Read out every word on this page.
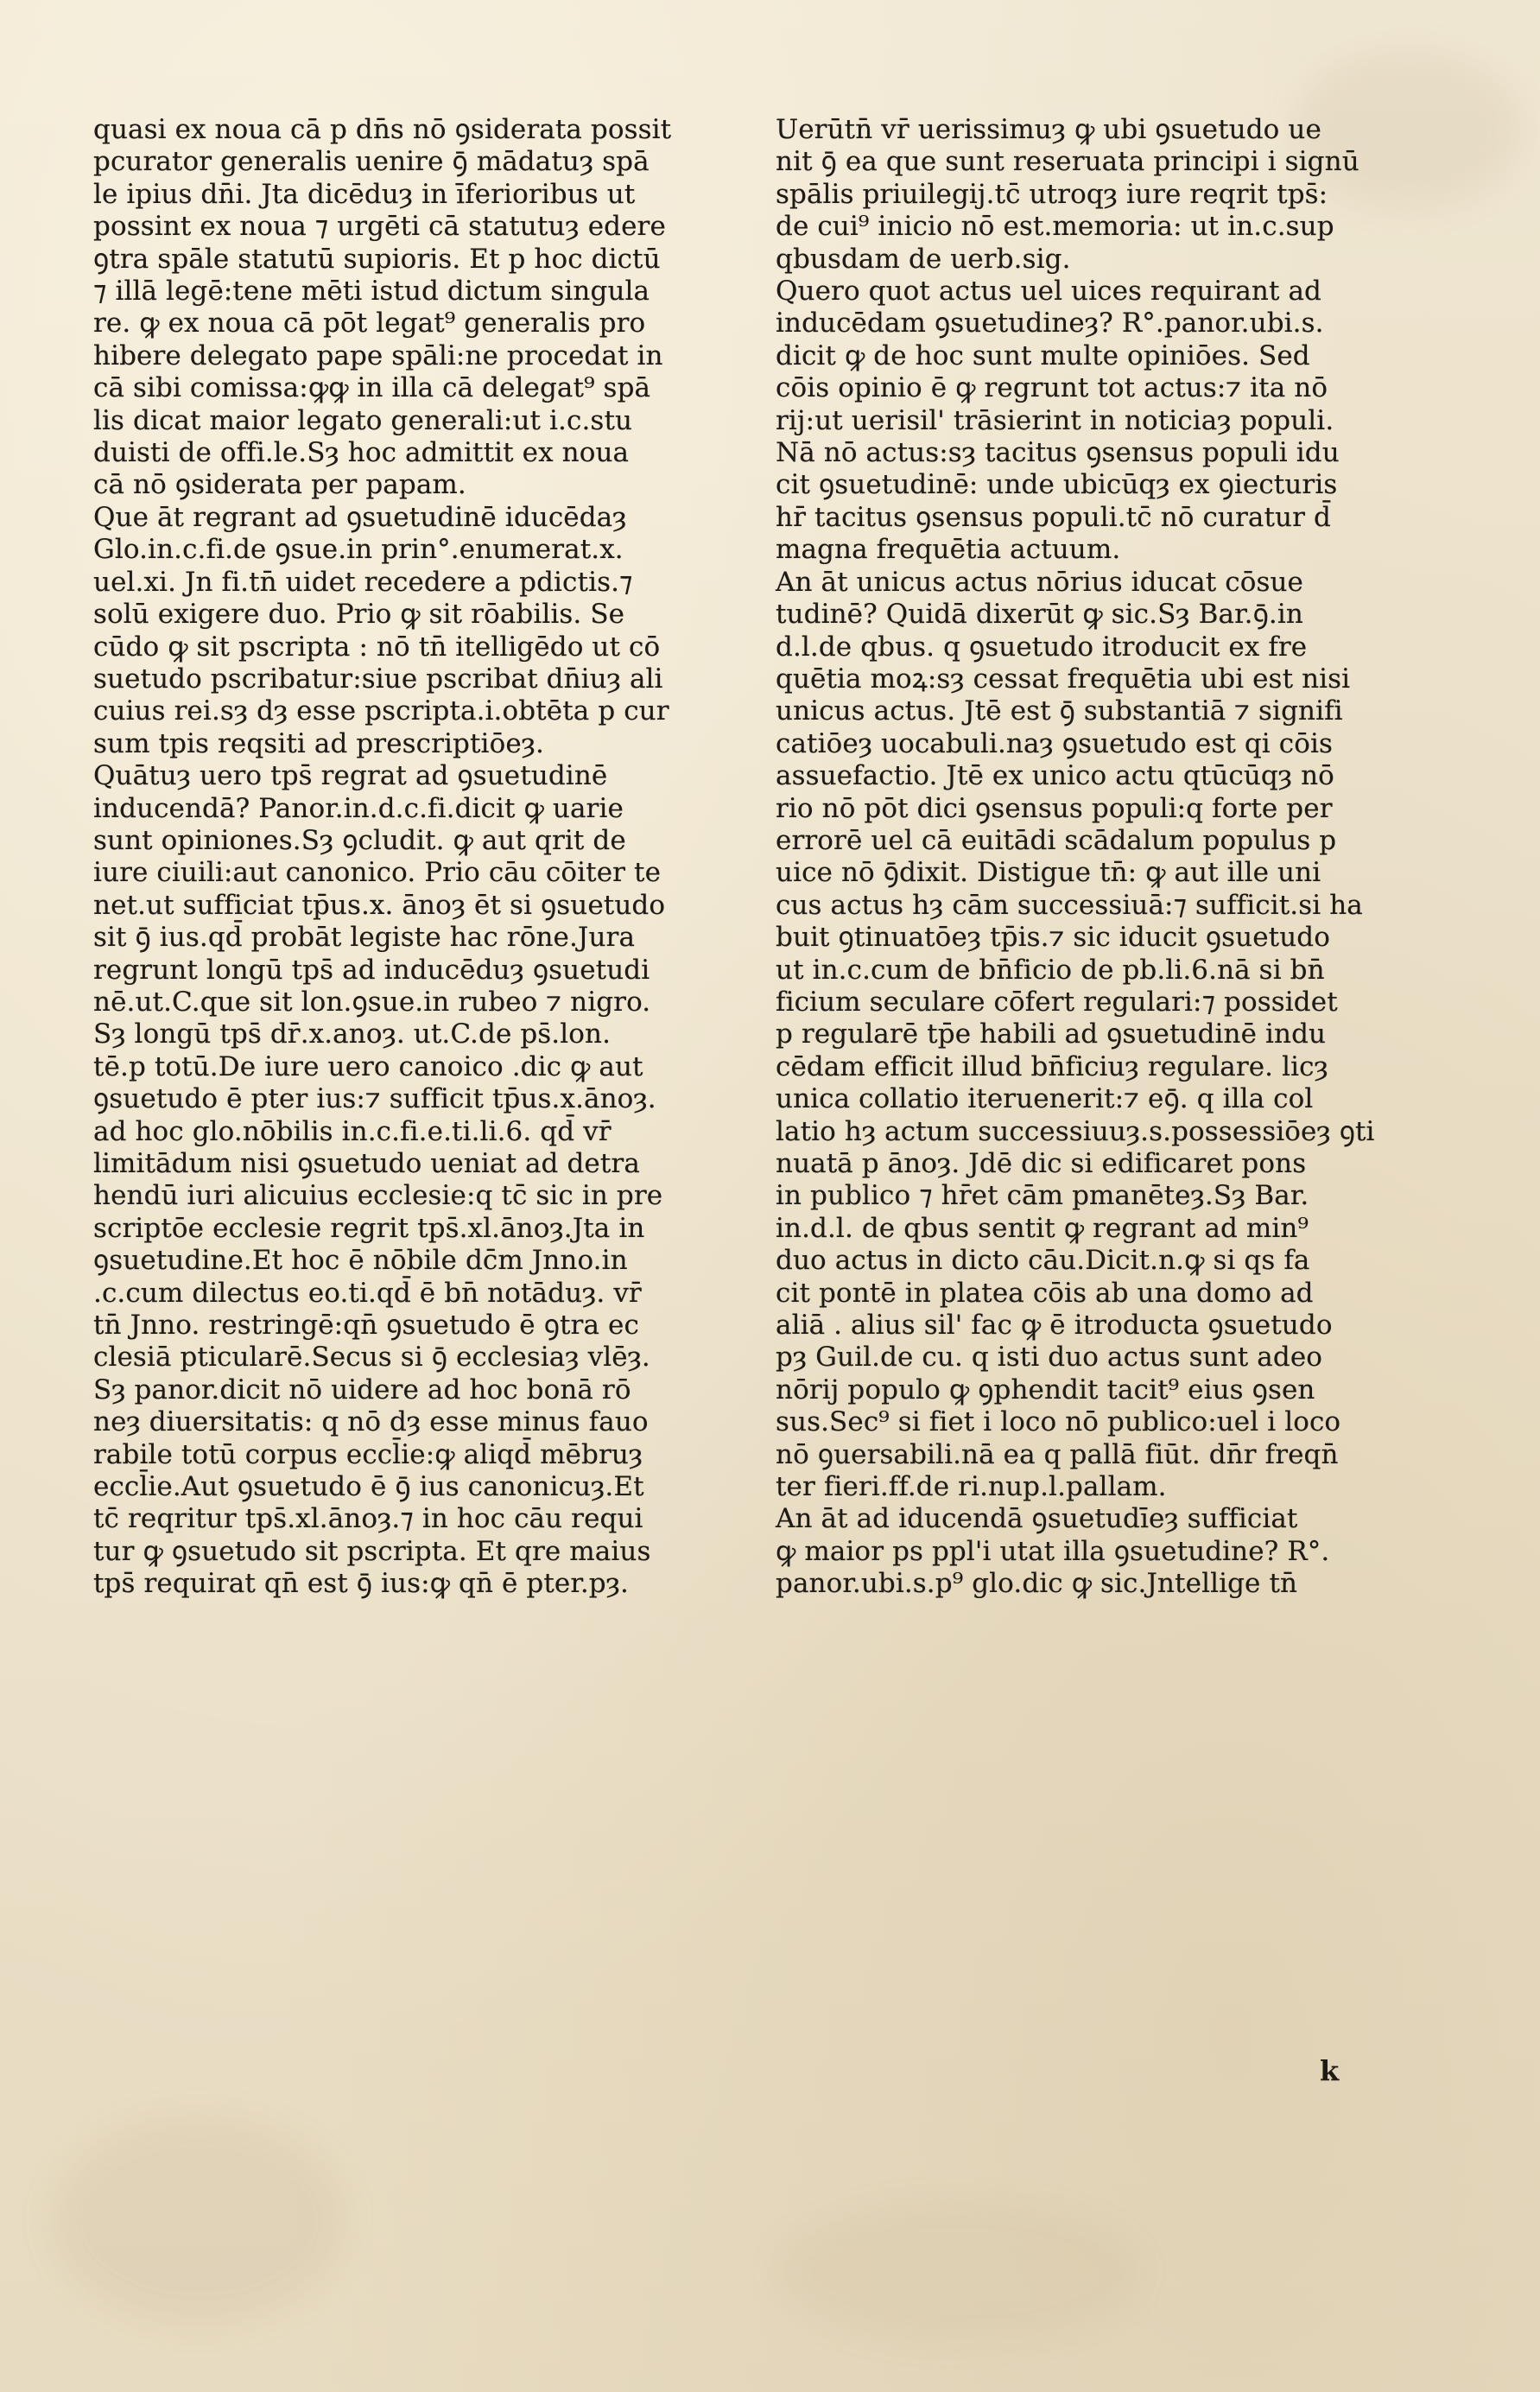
quasi ex noua cā p dn̄s nō ꝯsiderata possit
pcurator generalis uenire ꝯ̄ mādatuȝ spā
le ipius dn̄i. Jta dicēduȝ in īferioribus ut
possint ex noua ⁊ urgēti cā statutuȝ edere
ꝯtra spāle statutū supioris. Et p hoc dictū
⁊ illā legē:tene mēti istud dictum singula
re. ꝙ ex noua cā pōt legat⁹ generalis pro
hibere delegato pape spāli:ne procedat in
cā sibi comissa:ꝙꝙ in illa cā delegat⁹ spā
lis dicat maior legato generali:ut i.c.stu
duisti de offi.le.Sȝ hoc admittit ex noua
cā nō ꝯsiderata per papam.
Que āt regrant ad ꝯsuetudinē iducēdaȝ
Glo.in.c.fi.de ꝯsue.in prin°.enumerat.x.
uel.xi. Jn fi.tn̄ uidet recedere a pdictis.⁊
solū exigere duo. Prio ꝙ sit rōabilis. Se
cūdo ꝙ sit pscripta : nō tn̄ itelligēdo ut cō
suetudo pscribatur:siue pscribat dn̄iuȝ ali
cuius rei.sȝ dȝ esse pscripta.i.obtēta p cur
sum tpis reqsiti ad prescriptiōeȝ.
Quātuȝ uero tps̄ regrat ad ꝯsuetudinē
inducendā? Panor.in.d.c.fi.dicit ꝙ uarie
sunt opiniones.Sȝ ꝯcludit. ꝙ aut qrit de
iure ciuili:aut canonico. Prio cāu cōiter te
net.ut sufficiat tp̄us.x. ānoȝ ēt si ꝯsuetudo
sit ꝯ̄ ius.qd̄ probāt legiste hac rōne.Jura
regrunt longū tps̄ ad inducēduȝ ꝯsuetudi
nē.ut.C.que sit lon.ꝯsue.in rubeo ⁊ nigro.
Sȝ longū tps̄ dr̄.x.anoȝ. ut.C.de ps̄.lon.
tē.p totū.De iure uero canoico .dic ꝙ aut
ꝯsuetudo ē pter ius:⁊ sufficit tp̄us.x.ānoȝ.
ad hoc glo.nōbilis in.c.fi.e.ti.li.6. qd̄ vr̄
limitādum nisi ꝯsuetudo ueniat ad detra
hendū iuri alicuius ecclesie:q tc̄ sic in pre
scriptōe ecclesie regrit tps̄.xl.ānoȝ.Jta in
ꝯsuetudine.Et hoc ē nōbile dc̄m Jnno.in
.c.cum dilectus eo.ti.qd̄ ē bn̄ notāduȝ. vr̄
tn̄ Jnno. restringē:qn̄ ꝯsuetudo ē ꝯtra ec
clesiā pticularē.Secus si ꝯ̄ ecclesiaȝ vlēȝ.
Sȝ panor.dicit nō uidere ad hoc bonā rō
neȝ diuersitatis: q nō dȝ esse minus fauo
rabile totū corpus eccl̄ie:ꝙ aliqd̄ mēbruȝ
eccl̄ie.Aut ꝯsuetudo ē ꝯ̄ ius canonicuȝ.Et
tc̄ reqritur tps̄.xl.ānoȝ.⁊ in hoc cāu requi
tur ꝙ ꝯsuetudo sit pscripta. Et qre maius
tps̄ requirat qn̄ est ꝯ̄ ius:ꝙ qn̄ ē pter.pȝ.
Uerūtn̄ vr̄ uerissimuȝ ꝙ ubi ꝯsuetudo ue
nit ꝯ̄ ea que sunt reseruata principi i signū
spālis priuilegij.tc̄ utroqȝ iure reqrit tps̄:
de cui⁹ inicio nō est.memoria: ut in.c.sup
qbusdam de uerb.sig.
Quero quot actus uel uices requirant ad
inducēdam ꝯsuetudineȝ? R°.panor.ubi.s.
dicit ꝙ de hoc sunt multe opiniōes. Sed
cōis opinio ē ꝙ regrunt tot actus:⁊ ita nō
rij:ut uerisil' trāsierint in noticiaȝ populi.
Nā nō actus:sȝ tacitus ꝯsensus populi idu
cit ꝯsuetudinē: unde ubicūqȝ ex ꝯiecturis
hr̄ tacitus ꝯsensus populi.tc̄ nō curatur d̄
magna frequētia actuum.
An āt unicus actus nōrius iducat cōsue
tudinē? Quidā dixerūt ꝙ sic.Sȝ Bar.ꝯ̄.in
d.l.de qbus. q ꝯsuetudo itroducit ex fre
quētia moꝝ:sȝ cessat frequētia ubi est nisi
unicus actus. Jtē est ꝯ̄ substantiā ⁊ signifi
catiōeȝ uocabuli.naȝ ꝯsuetudo est qi cōis
assuefactio. Jtē ex unico actu qtūcūqȝ nō
rio nō pōt dici ꝯsensus populi:q forte per
errorē uel cā euitādi scādalum populus p
uice nō ꝯ̄dixit. Distigue tn̄: ꝙ aut ille uni
cus actus hȝ cām successiuā:⁊ sufficit.si ha
buit ꝯtinuatōeȝ tp̄is.⁊ sic iducit ꝯsuetudo
ut in.c.cum de bn̄ficio de pb.li.6.nā si bn̄
ficium seculare cōfert regulari:⁊ possidet
p regularē tp̄e habili ad ꝯsuetudinē indu
cēdam efficit illud bn̄ficiuȝ regulare. licȝ
unica collatio iteruenerit:⁊ eꝯ̄. q illa col
latio hȝ actum successiuuȝ.s.possessiōeȝ ꝯti
nuatā p ānoȝ. Jdē dic si edificaret pons
in publico ⁊ hr̄et cām pmanēteȝ.Sȝ Bar.
in.d.l. de qbus sentit ꝙ regrant ad min⁹
duo actus in dicto cāu.Dicit.n.ꝙ si qs fa
cit pontē in platea cōis ab una domo ad
aliā . alius sil' fac ꝙ ē itroducta ꝯsuetudo
pȝ Guil.de cu. q isti duo actus sunt adeo
nōrij populo ꝙ ꝯphendit tacit⁹ eius ꝯsen
sus.Sec⁹ si fiet i loco nō publico:uel i loco
nō ꝯuersabili.nā ea q pallā fiūt. dn̄r freqn̄
ter fieri.ff.de ri.nup.l.pallam.
An āt ad iducendā ꝯsuetudīeȝ sufficiat
ꝙ maior ps ppl'i utat illa ꝯsuetudine? R°.
panor.ubi.s.p⁹ glo.dic ꝙ sic.Jntellige tn̄
k
